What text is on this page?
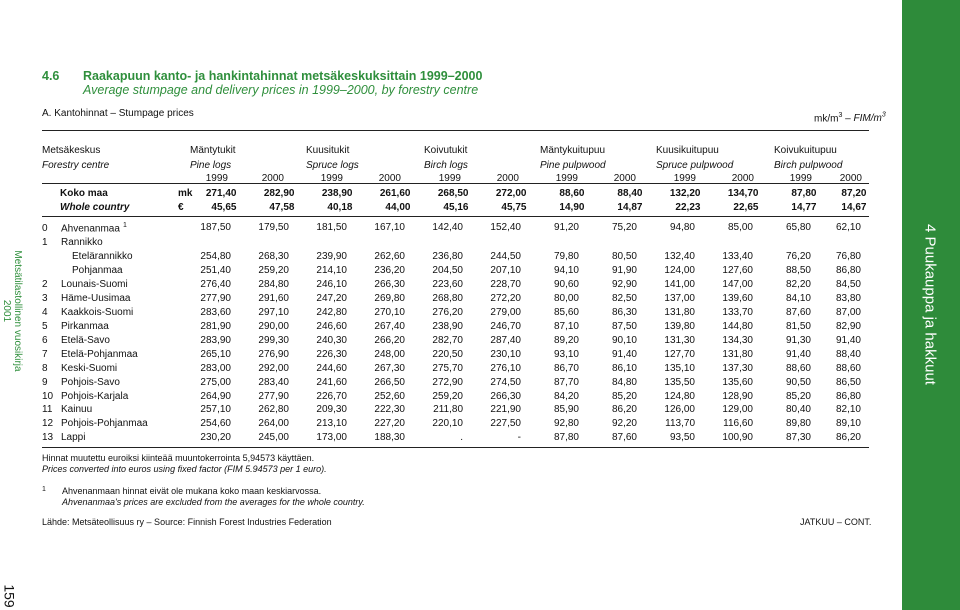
4 Puukauppa ja hakkuut
Metsätilastollinen vuosikirja 2001
159
4.6 Raakapuun kanto- ja hankintahinnat metsäkeskuksittain 1999–2000
Average stumpage and delivery prices in 1999–2000, by forestry centre
A. Kantohinnat – Stumpage prices	$mk/m^3 - FIM/m^3$
Metsäkeskus
Forestry centre
Mäntytukit
Pine logs
Kuusitukit
Spruce logs
Koivutukit
Birch logs
Mäntykuitupuu
Pine pulpwood
Kuusikuitupuu
Spruce pulpwood
Koivukuitupuu
Birch pulpwood
1999	2000	1999	2000	1999	2000	1999	2000	1999	2000	1999	2000
Koko maa mk	271,40	282,90	238,90	261,60	268,50	272,00	88,60	88,40	132,20	134,70	87,80	87,20
Whole country €	45,65	47,58	40,18	44,00	45,16	45,75	14,90	14,87	22,23	22,65	14,77	14,67
0 Ahvenanmaa $^1$	187,50	179,50	181,50	167,10	142,40	152,40	91,20	75,20	94,80	85,00	65,80	62,10
1 Rannikko												
Etelärannikko	254,80	268,30	239,90	262,60	236,80	244,50	79,80	80,50	132,40	133,40	76,20	76,80
Pohjanmaa	251,40	259,20	214,10	236,20	204,50	207,10	94,10	91,90	124,00	127,60	88,50	86,80
2 Lounais-Suomi	276,40	284,80	246,10	266,30	223,60	228,70	90,60	92,90	141,00	147,00	82,20	84,50
3 Häme-Uusimaa	277,90	291,60	247,20	269,80	268,80	272,20	80,00	82,50	137,00	139,60	84,10	83,80
4 Kaakkois-Suomi	283,60	297,10	242,80	270,10	276,20	279,00	85,60	86,30	131,80	133,70	87,60	87,00
5 Pirkanmaa	281,90	290,00	246,60	267,40	238,90	246,70	87,10	87,50	139,80	144,80	81,50	82,90
6 Etelä-Savo	283,90	299,30	240,30	266,20	282,70	287,40	89,20	90,10	131,30	134,30	91,30	91,40
7 Etelä-Pohjanmaa	265,10	276,90	226,30	248,00	220,50	230,10	93,10	91,40	127,70	131,80	91,40	88,40
8 Keski-Suomi	283,00	292,00	244,60	267,30	275,70	276,10	86,70	86,10	135,10	137,30	88,60	88,60
9 Pohjois-Savo	275,00	283,40	241,60	266,50	272,90	274,50	87,70	84,80	135,50	135,60	90,50	86,50
10 Pohjois-Karjala	264,90	277,90	226,70	252,60	259,20	266,30	84,20	85,20	124,80	128,90	85,20	86,80
11 Kainuu	257,10	262,80	209,30	222,30	211,80	221,90	85,90	86,20	126,00	129,00	80,40	82,10
12 Pohjois-Pohjanmaa	254,60	264,00	213,10	227,20	220,10	227,50	92,80	92,20	113,70	116,60	89,80	89,10
13 Lappi	230,20	245,00	173,00	188,30	.	-	87,80	87,60	93,50	100,90	87,30	86,20
Hinnat muutettu euroiksi kiinteää muuntokerrointa 5,94573 käyttäen.
Prices converted into euros using fixed factor (FIM 5.94573 per 1 euro).
1 Ahvenanmaan hinnat eivät ole mukana koko maan keskiarvossa.
Ahvenanmaa's prices are excluded from the averages for the whole country.
Lähde: Metsäteollisuus ry – Source: Finnish Forest Industries Federation	JATKUU – CONT.
